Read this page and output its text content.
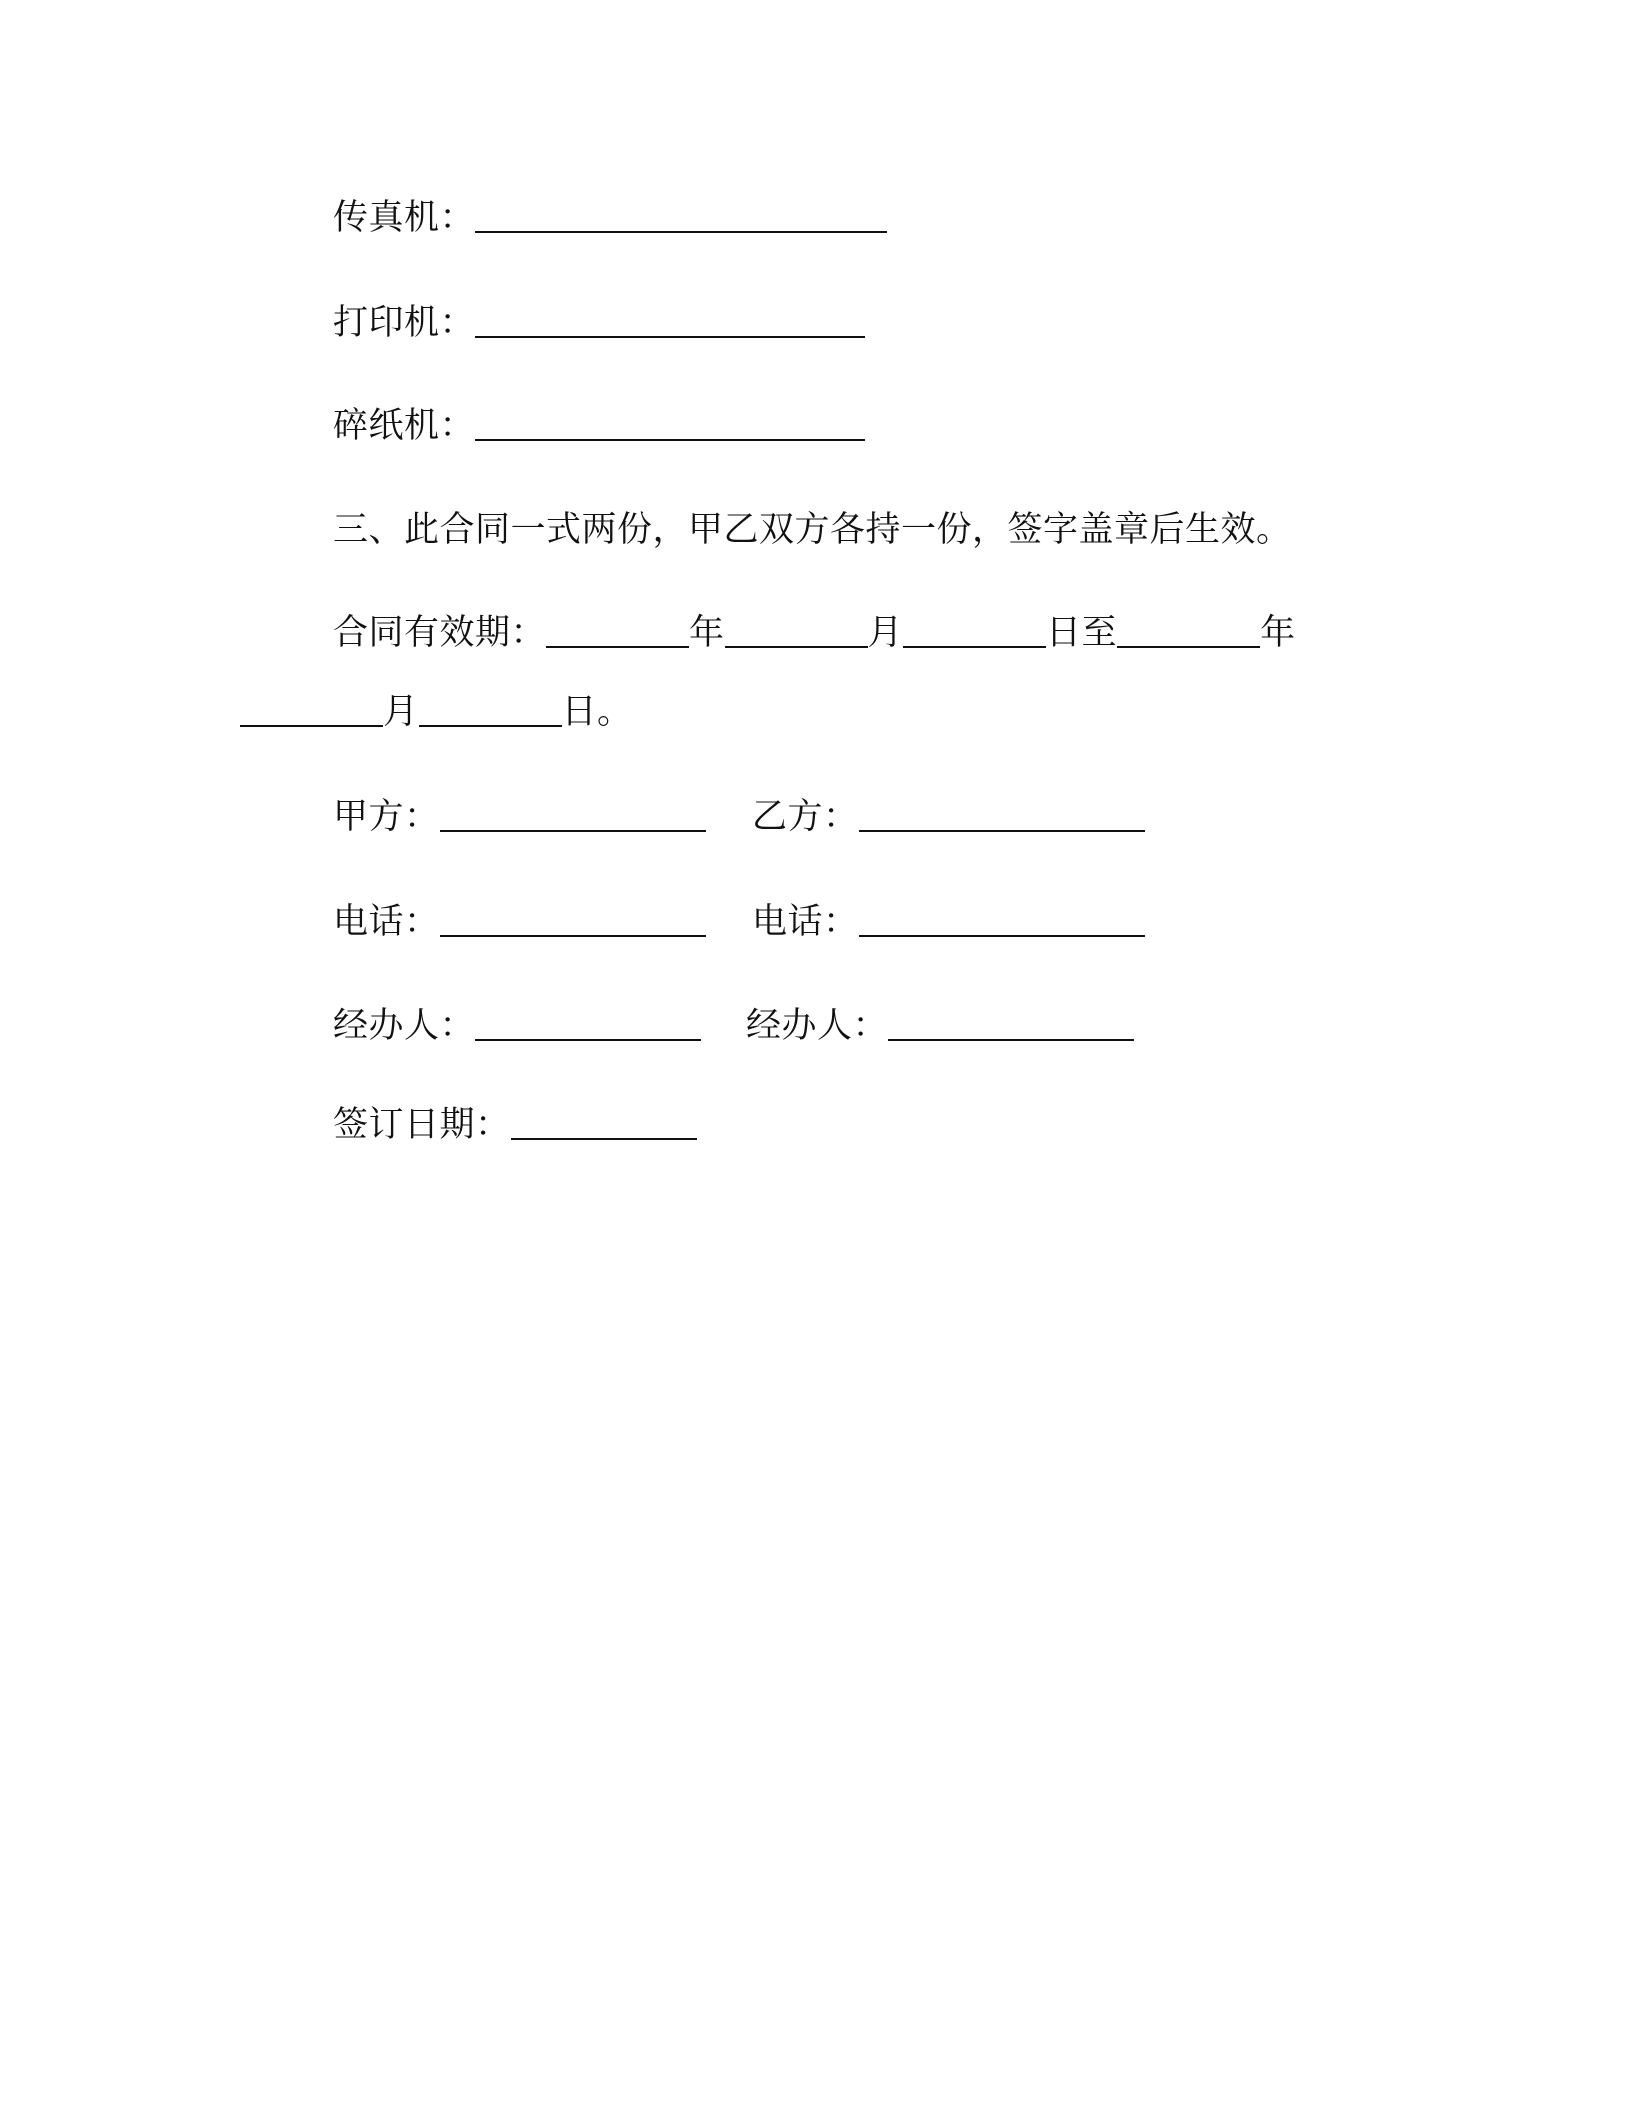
传真机：
打印机：
碎纸机：
三、此合同一式两份，甲乙双方各持一份，签字盖章后生效。
合同有效期：	年	月	日至	年
月	日。
甲方：	乙方：
电话：	电话：
经办人：	经办人：
签订日期：
